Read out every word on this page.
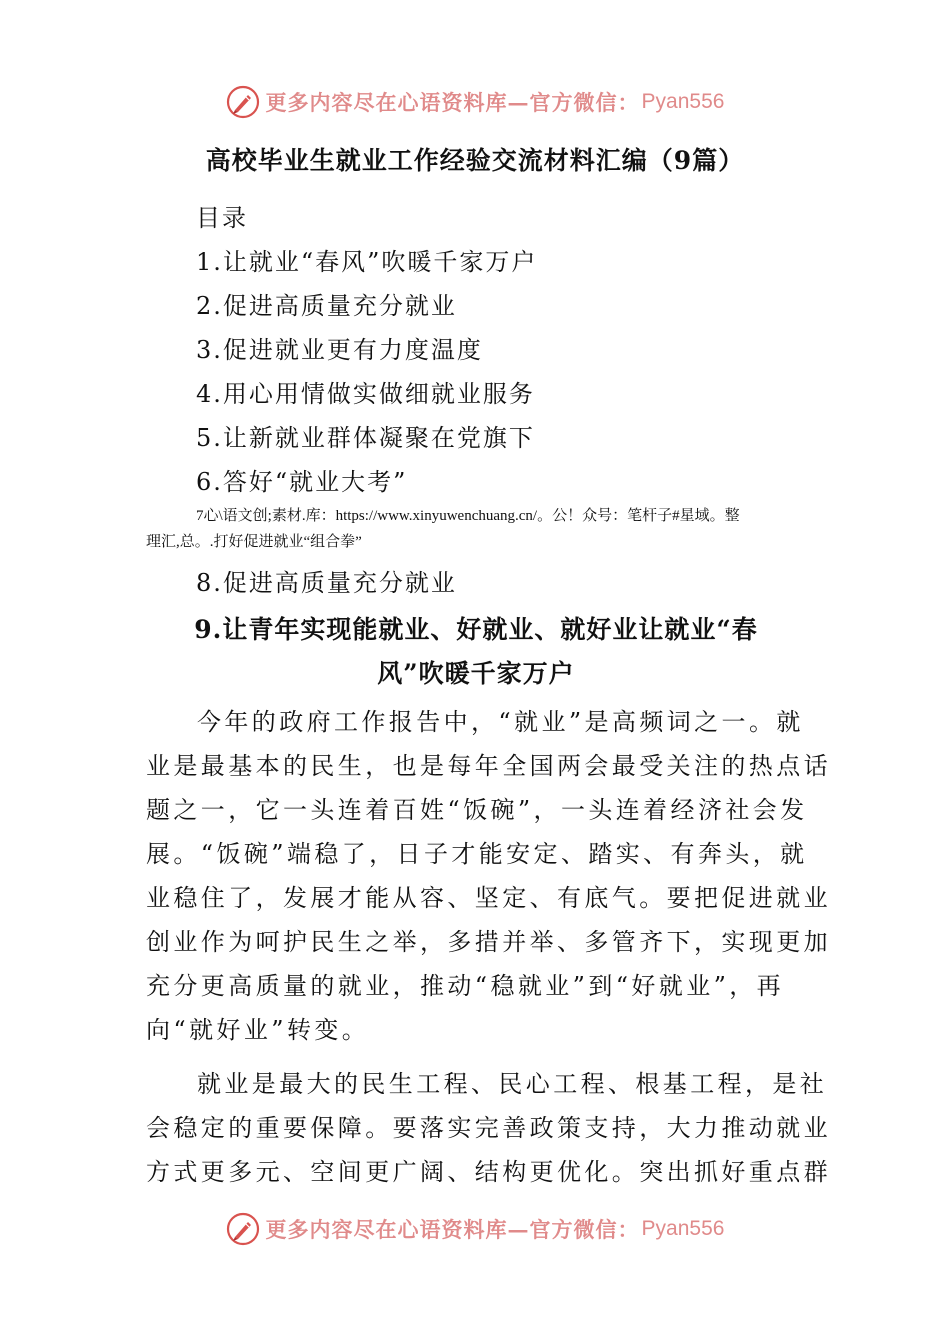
更多内容尽在心语资料库—官方微信： Pyan556
高校毕业生就业工作经验交流材料汇编（9篇）
目录
1.让就业“春风”吹暖千家万户
2.促进高质量充分就业
3.促进就业更有力度温度
4.用心用情做实做细就业服务
5.让新就业群体凝聚在党旗下
6.答好“就业大考”
7心\语文创;素材.库：https://www.xinyuwenchuang.cn/。公！众号：笔杆子#星域。整
理汇,总。.打好促进就业“组合拳”
8.促进高质量充分就业
9.让青年实现能就业、好就业、就好业让就业“春
风”吹暖千家万户
今年的政府工作报告中，“就业”是高频词之一。就
业是最基本的民生，也是每年全国两会最受关注的热点话
题之一，它一头连着百姓“饭碗”，一头连着经济社会发
展。“饭碗”端稳了，日子才能安定、踏实、有奔头，就
业稳住了，发展才能从容、坚定、有底气。要把促进就业
创业作为呵护民生之举，多措并举、多管齐下，实现更加
充分更高质量的就业，推动“稳就业”到“好就业”，再
向“就好业”转变。
就业是最大的民生工程、民心工程、根基工程，是社
会稳定的重要保障。要落实完善政策支持，大力推动就业
方式更多元、空间更广阔、结构更优化。突出抓好重点群
更多内容尽在心语资料库—官方微信： Pyan556
